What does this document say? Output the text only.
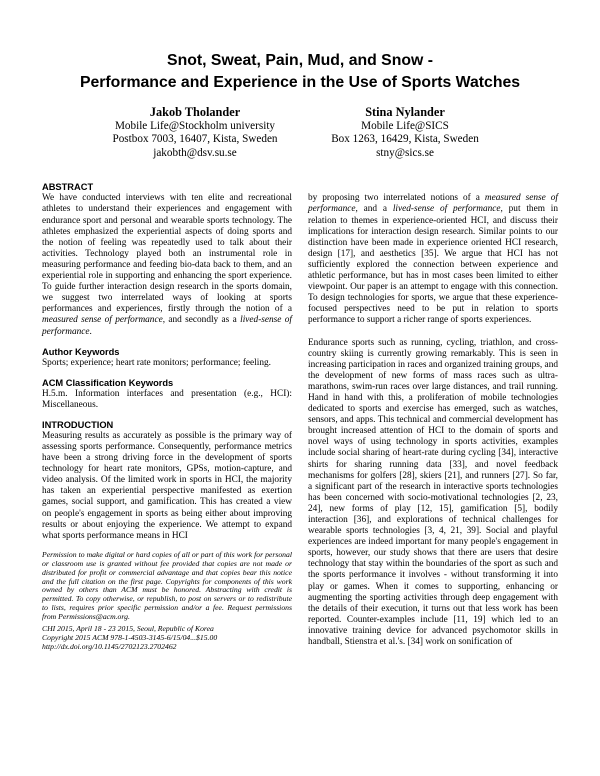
Snot, Sweat, Pain, Mud, and Snow -
Performance and Experience in the Use of Sports Watches
Jakob Tholander
Mobile Life@Stockholm university
Postbox 7003, 16407, Kista, Sweden
jakobth@dsv.su.se
Stina Nylander
Mobile Life@SICS
Box 1263, 16429, Kista, Sweden
stny@sics.se
ABSTRACT

We have conducted interviews with ten elite and recreational athletes to understand their experiences and engagement with endurance sport and personal and wearable sports technology. The athletes emphasized the experiential aspects of doing sports and the notion of feeling was repeatedly used to talk about their activities. Technology played both an instrumental role in measuring performance and feeding bio-data back to them, and an experiential role in supporting and enhancing the sport experience. To guide further interaction design research in the sports domain, we suggest two interrelated ways of looking at sports performances and experiences, firstly through the notion of a measured sense of performance, and secondly as a lived-sense of performance.

Author Keywords

Sports; experience; heart rate monitors; performance; feeling.

ACM Classification Keywords

H.5.m. Information interfaces and presentation (e.g., HCI): Miscellaneous.

INTRODUCTION

Measuring results as accurately as possible is the primary way of assessing sports performance. Consequently, performance metrics have been a strong driving force in the development of sports technology for heart rate monitors, GPSs, motion-capture, and video analysis. Of the limited work in sports in HCI, the majority has taken an experiential perspective manifested as exertion games, social support, and gamification. This has created a view on people's engagement in sports as being either about improving results or about enjoying the experience. We attempt to expand what sports performance means in HCI

Permission to make digital or hard copies of all or part of this work for personal or classroom use is granted without fee provided that copies are not made or distributed for profit or commercial advantage and that copies bear this notice and the full citation on the first page. Copyrights for components of this work owned by others than ACM must be honored. Abstracting with credit is permitted. To copy otherwise, or republish, to post on servers or to redistribute to lists, requires prior specific permission and/or a fee. Request permissions from Permissions@acm.org.

CHI 2015, April 18 - 23 2015, Seoul, Republic of Korea

Copyright 2015 ACM 978-1-4503-3145-6/15/04...$15.00

http://dx.doi.org/10.1145/2702123.2702462

by proposing two interrelated notions of a measured sense of performance, and a lived-sense of performance, put them in relation to themes in experience-oriented HCI, and discuss their implications for interaction design research. Similar points to our distinction have been made in experience oriented HCI research, design [17], and aesthetics [35]. We argue that HCI has not sufficiently explored the connection between experience and athletic performance, but has in most cases been limited to either viewpoint. Our paper is an attempt to engage with this connection. To design technologies for sports, we argue that these experience-focused perspectives need to be put in relation to sports performance to support a richer range of sports experiences.

Endurance sports such as running, cycling, triathlon, and cross-country skiing is currently growing remarkably. This is seen in increasing participation in races and organized training groups, and the development of new forms of mass races such as ultra-marathons, swim-run races over large distances, and trail running. Hand in hand with this, a proliferation of mobile technologies dedicated to sports and exercise has emerged, such as watches, sensors, and apps. This technical and commercial development has brought increased attention of HCI to the domain of sports and novel ways of using technology in sports activities, examples include social sharing of heart-rate during cycling [34], interactive shirts for sharing running data [33], and novel feedback mechanisms for golfers [28], skiers [21], and runners [27]. So far, a significant part of the research in interactive sports technologies has been concerned with socio-motivational technologies [2, 23, 24], new forms of play [12, 15], gamification [5], bodily interaction [36], and explorations of technical challenges for wearable sports technologies [3, 4, 21, 39]. Social and playful experiences are indeed important for many people's engagement in sports, however, our study shows that there are users that desire technology that stay within the boundaries of the sport as such and the sports performance it involves - without transforming it into play or games. When it comes to supporting, enhancing or augmenting the sporting activities through deep engagement with the details of their execution, it turns out that less work has been reported. Counter-examples include [11, 19] which led to an innovative training device for advanced psychomotor skills in handball, Stienstra et al.'s. [34] work on sonification of
